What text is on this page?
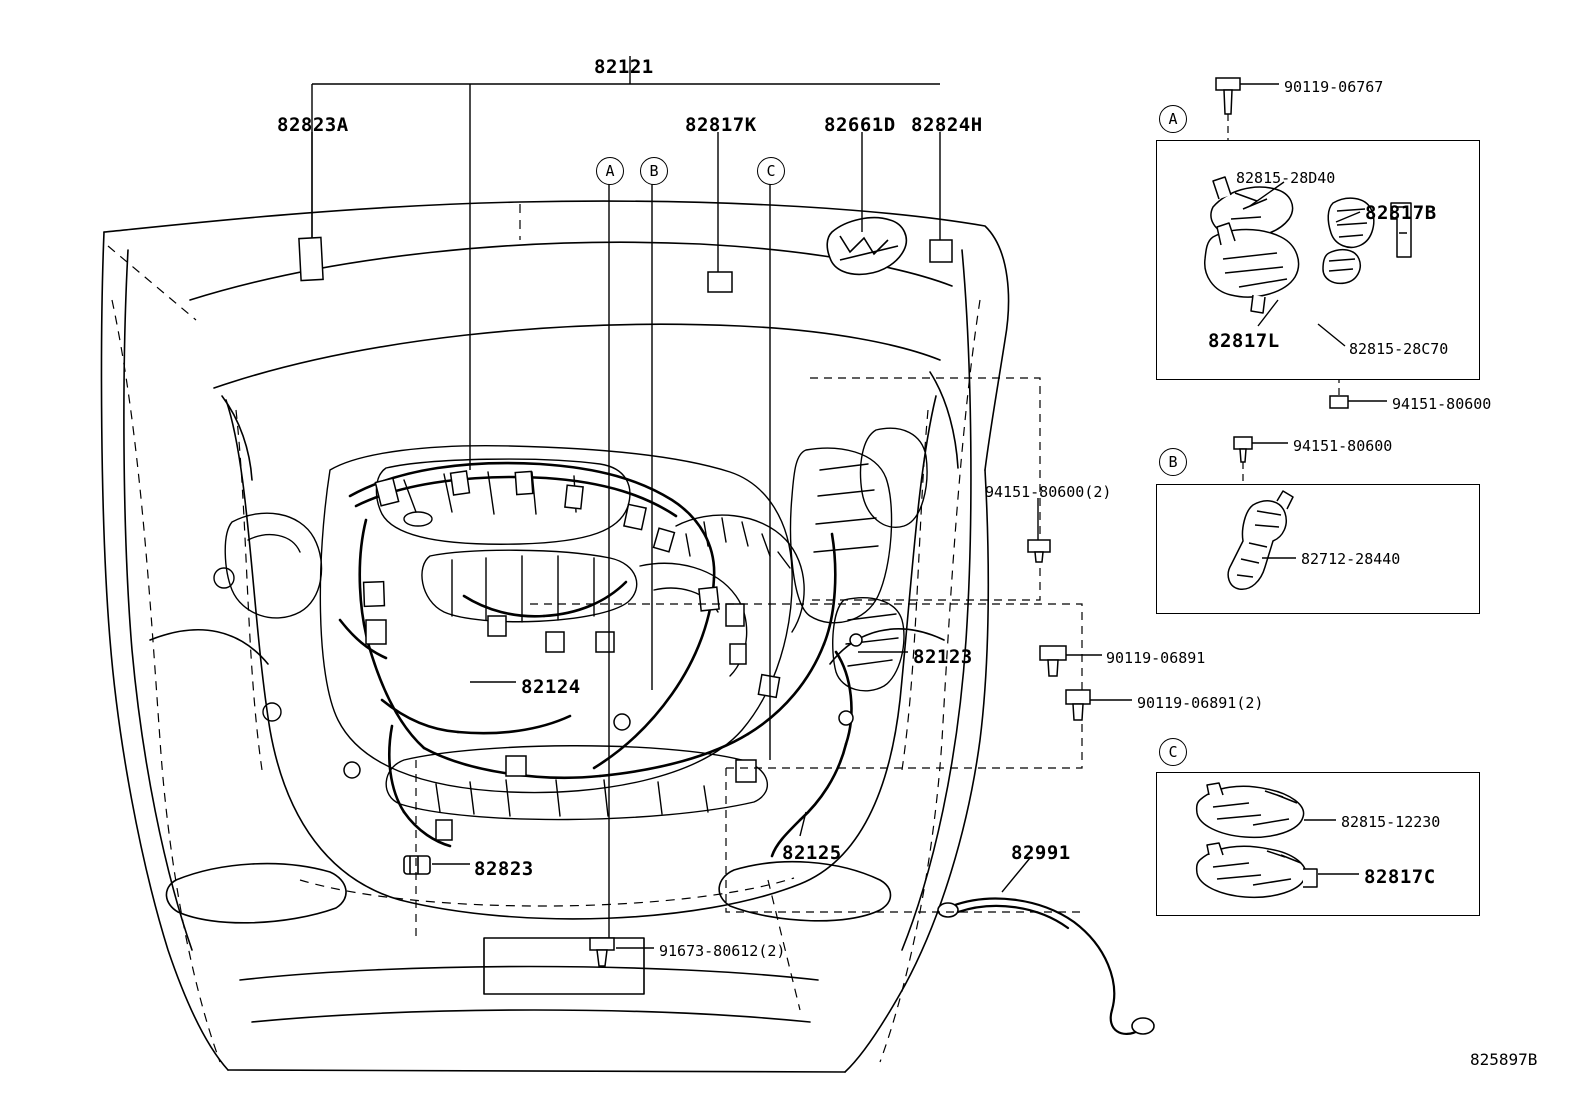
82121
82823A	82817K	82661D 82824H
82124
82123
82125
82823
82991
A	B	C
A
B
C
90119-06767
94151-80600
94151-80600
94151-80600(2)
90119-06891
90119-06891(2)
91673-80612(2)
82815-28D40
82817B
82817L	82815-28C70
82712-28440
82815-12230
82817C
825897B
